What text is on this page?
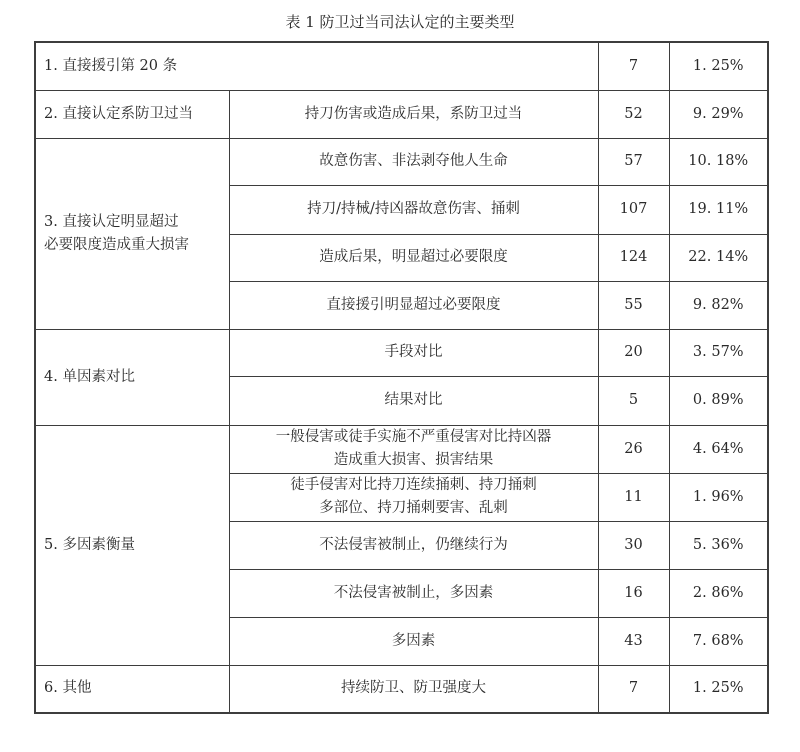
表 1 防卫过当司法认定的主要类型
1. 直接援引第 20 条		7	1. 25%
2. 直接认定系防卫过当	持刀伤害或造成后果，系防卫过当	52	9. 29%

3. 直接认定明显超过
必要限度造成重大损害	故意伤害、非法剥夺他人生命	57	10. 18%
	持刀/持械/持凶器故意伤害、捅刺	107	19. 11%
	造成后果，明显超过必要限度	124	22. 14%
	直接援引明显超过必要限度	55	9. 82%
4. 单因素对比	手段对比	20	3. 57%
	结果对比	5	0. 89%
5. 多因素衡量	一般侵害或徒手实施不严重侵害对比持凶器
造成重大损害、损害结果	26	4. 64%

	徒手侵害对比持刀连续捅刺、持刀捅刺
多部位、持刀捅刺要害、乱刺	11	1. 96%
	不法侵害被制止，仍继续行为	30	5. 36%
	不法侵害被制止，多因素	16	2. 86%
	多因素	43	7. 68%
6. 其他	持续防卫、防卫强度大	7	1. 25%
